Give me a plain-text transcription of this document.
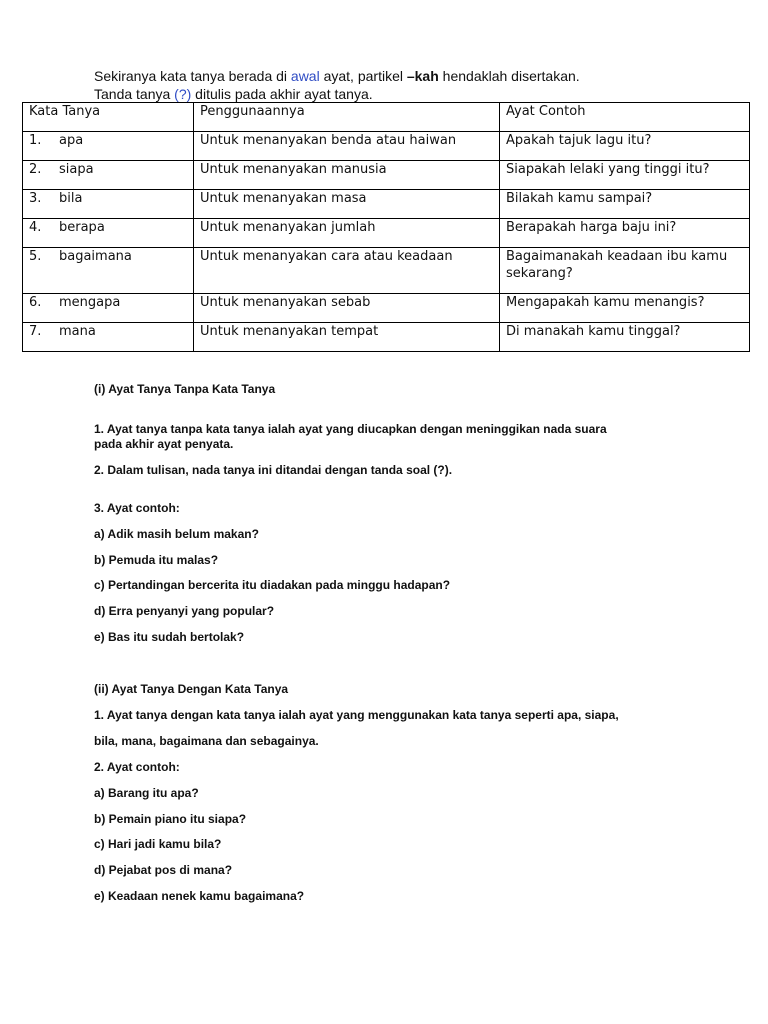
Sekiranya kata tanya berada di awal ayat, partikel –kah hendaklah disertakan.
Tanda tanya (?) ditulis pada akhir ayat tanya.
Kata Tanya	Penggunaannya	Ayat Contoh
1. apa	Untuk menanyakan benda atau haiwan	Apakah tajuk lagu itu?
2. siapa	Untuk menanyakan manusia	Siapakah lelaki yang tinggi itu?
3. bila	Untuk menanyakan masa	Bilakah kamu sampai?
4. berapa	Untuk menanyakan jumlah	Berapakah harga baju ini?
5. bagaimana	Untuk menanyakan cara atau keadaan	Bagaimanakah keadaan ibu kamu sekarang?
6. mengapa	Untuk menanyakan sebab	Mengapakah kamu menangis?
7. mana	Untuk menanyakan tempat	Di manakah kamu tinggal?
(i) Ayat Tanya Tanpa Kata Tanya
1. Ayat tanya tanpa kata tanya ialah ayat yang diucapkan dengan meninggikan nada suara
pada akhir ayat penyata.
2. Dalam tulisan, nada tanya ini ditandai dengan tanda soal (?).
3. Ayat contoh:
a) Adik masih belum makan?
b) Pemuda itu malas?
c) Pertandingan bercerita itu diadakan pada minggu hadapan?
d) Erra penyanyi yang popular?
e) Bas itu sudah bertolak?
(ii) Ayat Tanya Dengan Kata Tanya
1. Ayat tanya dengan kata tanya ialah ayat yang menggunakan kata tanya seperti apa, siapa,
bila, mana, bagaimana dan sebagainya.
2. Ayat contoh:
a) Barang itu apa?
b) Pemain piano itu siapa?
c) Hari jadi kamu bila?
d) Pejabat pos di mana?
e) Keadaan nenek kamu bagaimana?
